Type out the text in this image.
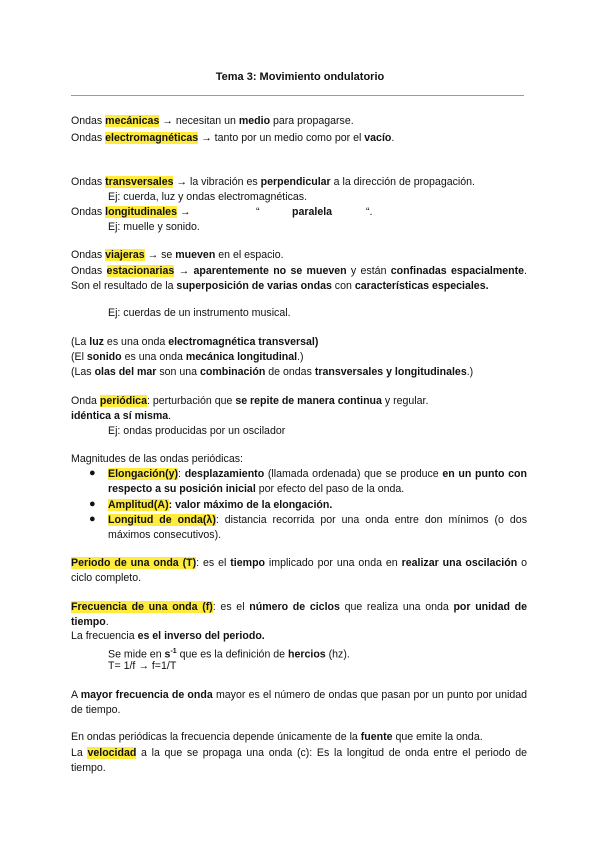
Tema 3: Movimiento ondulatorio
Ondas mecánicas → necesitan un medio para propagarse.
Ondas electromagnéticas → tanto por un medio como por el vacío.
Ondas transversales → la vibración es perpendicular a la dirección de propagación.
Ej: cuerda, luz y ondas electromagnéticas.
Ondas longitudinales →	“	paralela	“.
Ej: muelle y sonido.
Ondas viajeras → se mueven en el espacio.
Ondas estacionarias → aparentemente no se mueven y están confinadas espacialmente. Son el resultado de la superposición de varias ondas con características especiales.
Ej: cuerdas de un instrumento musical.
(La luz es una onda electromagnética transversal)
(El sonido es una onda mecánica longitudinal.)
(Las olas del mar son una combinación de ondas transversales y longitudinales.)
Onda periódica: perturbación que se repite de manera continua y regular.
idéntica a sí misma.
Ej: ondas producidas por un oscilador
Magnitudes de las ondas periódicas:
● Elongación(y): desplazamiento (llamada ordenada) que se produce en un punto con respecto a su posición inicial por efecto del paso de la onda.
● Amplitud(A): valor máximo de la elongación.
● Longitud de onda(λ): distancia recorrida por una onda entre don mínimos (o dos máximos consecutivos).
Periodo de una onda (T): es el tiempo implicado por una onda en realizar una oscilación o ciclo completo.
Frecuencia de una onda (f): es el número de ciclos que realiza una onda por unidad de tiempo.
La frecuencia es el inverso del periodo.
Se mide en $s^{-1}$ que es la definición de hercios (hz).
T= 1/f → f=1/T
A mayor frecuencia de onda mayor es el número de ondas que pasan por un punto por unidad de tiempo.
En ondas periódicas la frecuencia depende únicamente de la fuente que emite la onda.
La velocidad a la que se propaga una onda (c): Es la longitud de onda entre el periodo de tiempo.
